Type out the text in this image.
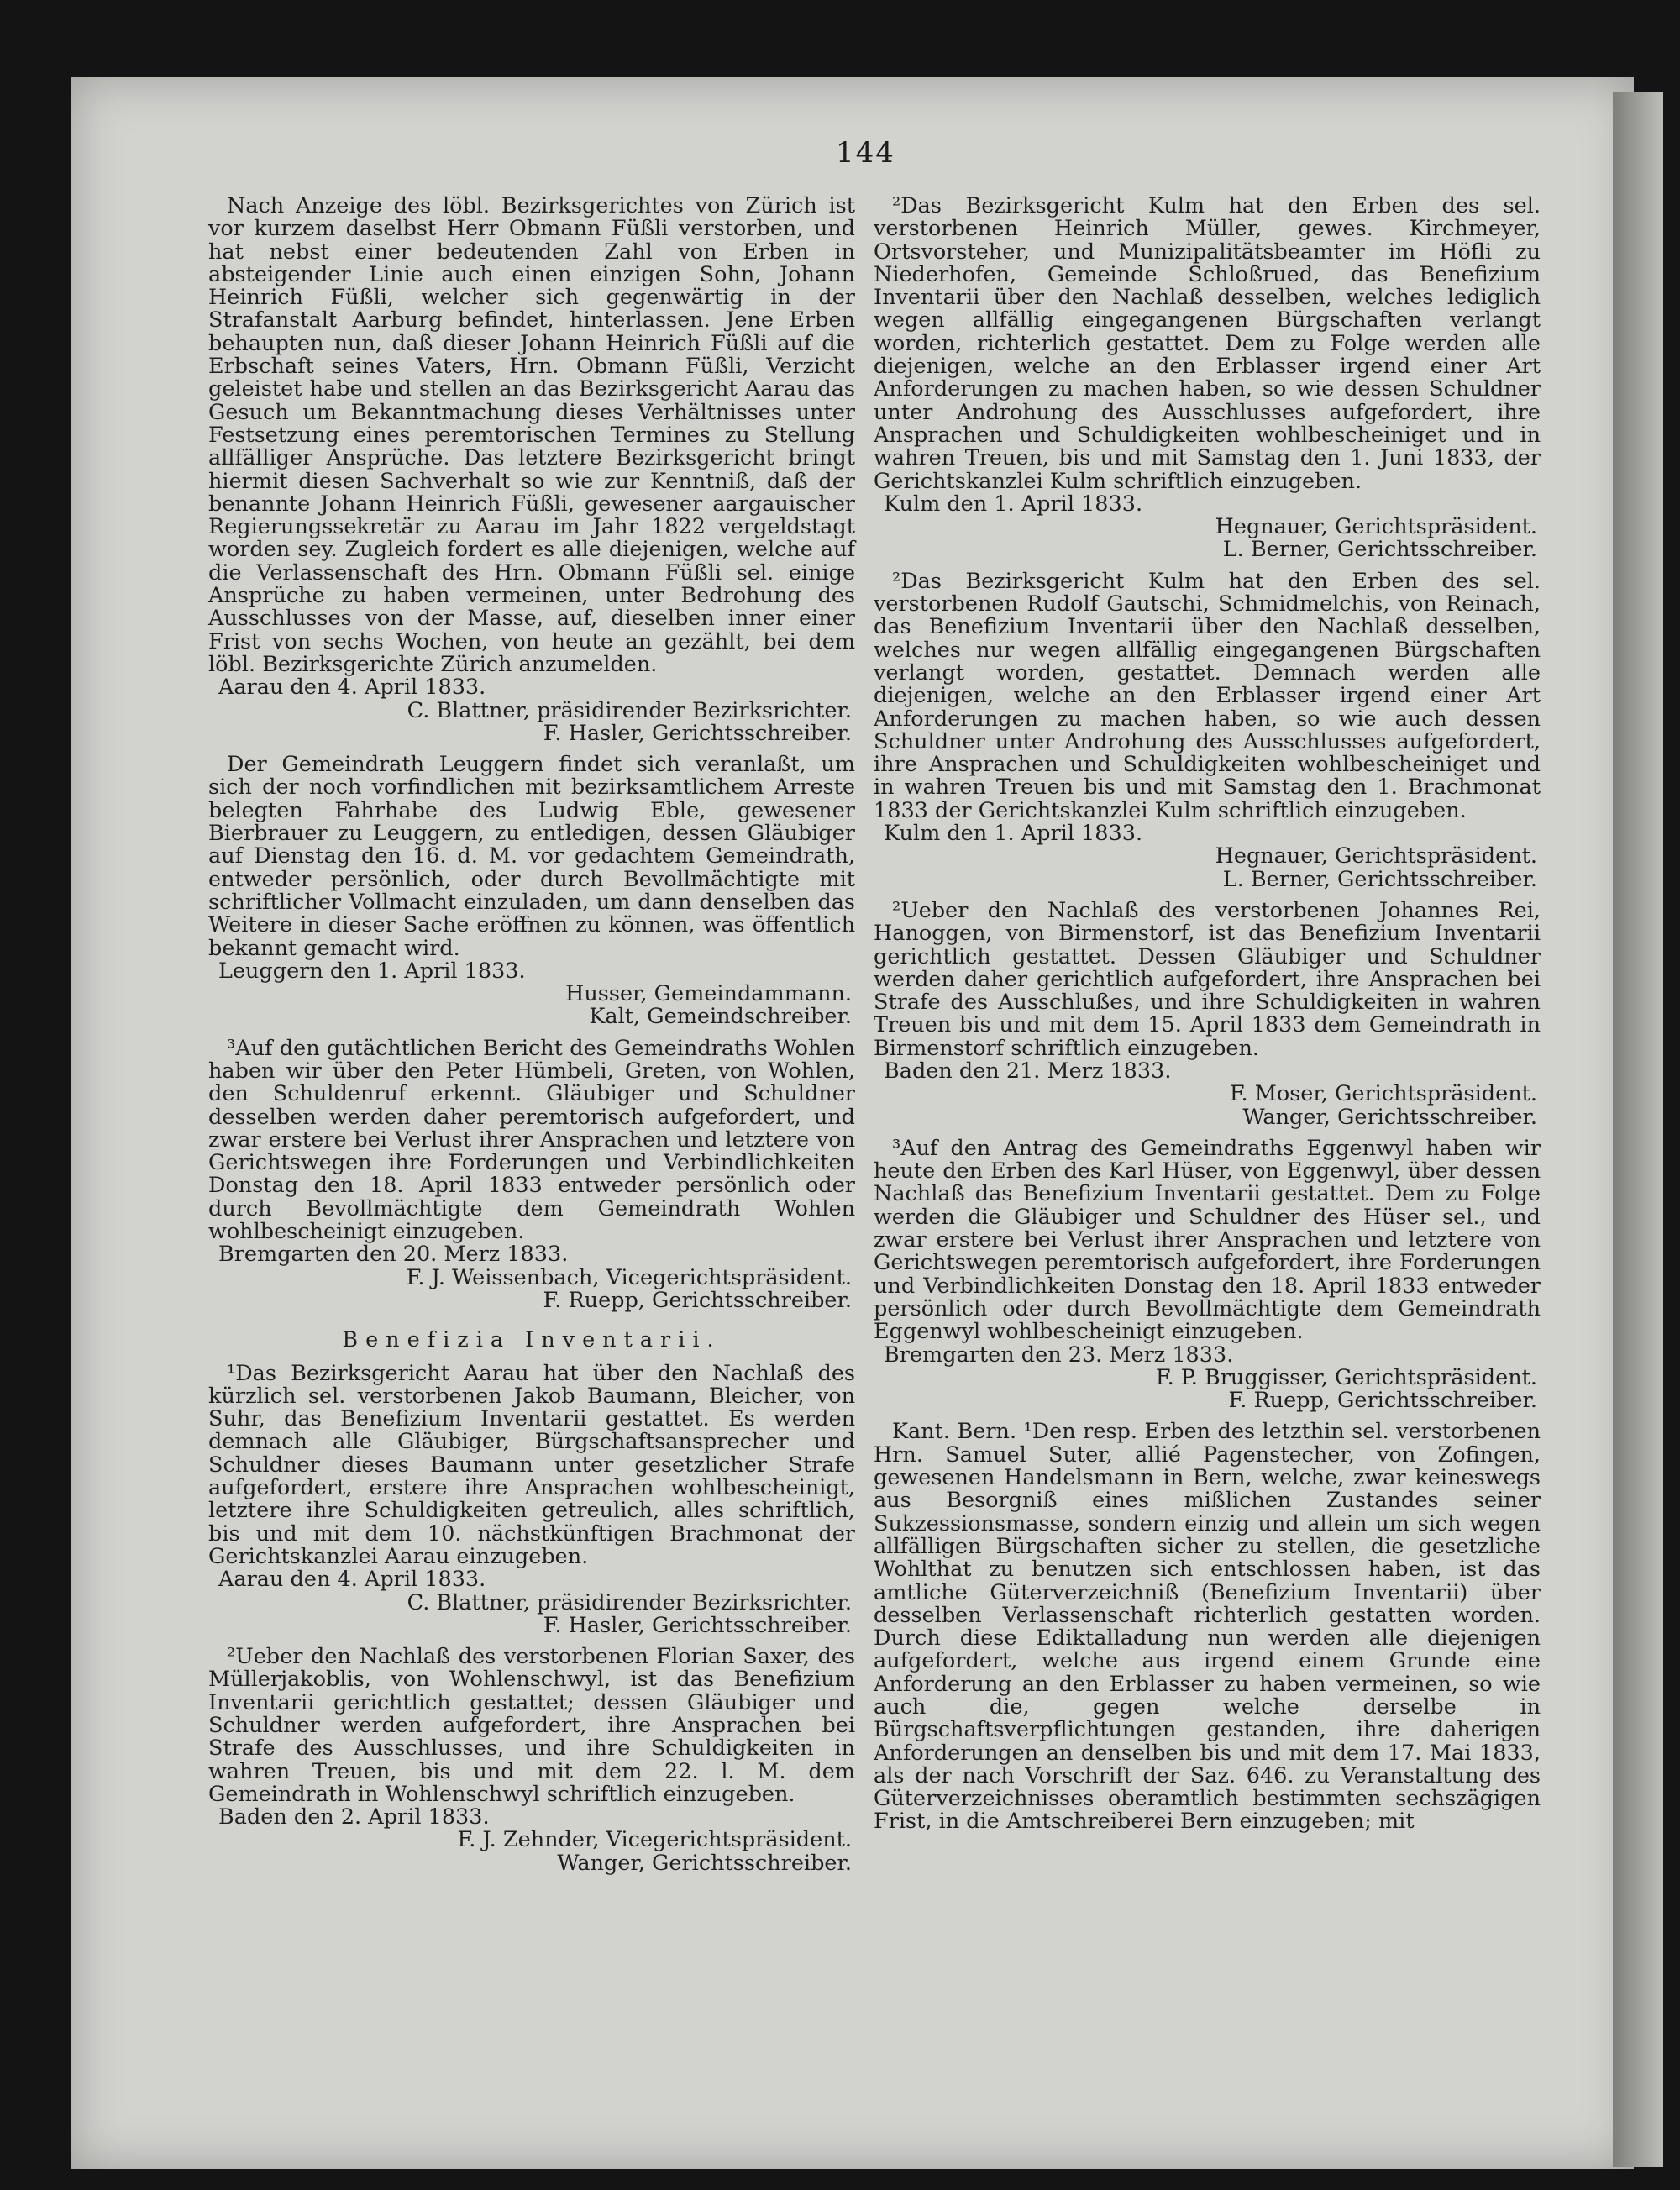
144

Nach Anzeige des löbl. Bezirksgerichtes von Zürich ist vor kurzem daselbst Herr Obmann Füßli verstorben, und hat nebst einer bedeutenden Zahl von Erben in absteigender Linie auch einen einzigen Sohn, Johann Heinrich Füßli, welcher sich gegenwärtig in der Strafanstalt Aarburg befindet, hinterlassen. Jene Erben behaupten nun, daß dieser Johann Heinrich Füßli auf die Erbschaft seines Vaters, Hrn. Obmann Füßli, Verzicht geleistet habe und stellen an das Bezirksgericht Aarau das Gesuch um Bekanntmachung dieses Verhältnisses unter Festsetzung eines peremtorischen Termines zu Stellung allfälliger Ansprüche. Das letztere Bezirksgericht bringt hiermit diesen Sachverhalt so wie zur Kenntniß, daß der benannte Johann Heinrich Füßli, gewesener aargauischer Regierungssekretär zu Aarau im Jahr 1822 vergeldstagt worden sey. Zugleich fordert es alle diejenigen, welche auf die Verlassenschaft des Hrn. Obmann Füßli sel. einige Ansprüche zu haben vermeinen, unter Bedrohung des Ausschlusses von der Masse, auf, dieselben inner einer Frist von sechs Wochen, von heute an gezählt, bei dem löbl. Bezirksgerichte Zürich anzumelden.

Aarau den 4. April 1833.
C. Blattner, präsidirender Bezirksrichter.
F. Hasler, Gerichtsschreiber.

Der Gemeindrath Leuggern findet sich veranlaßt, um sich der noch vorfindlichen mit bezirksamtlichem Arreste belegten Fahrhabe des Ludwig Eble, gewesener Bierbrauer zu Leuggern, zu entledigen, dessen Gläubiger auf Dienstag den 16. d. M. vor gedachtem Gemeindrath, entweder persönlich, oder durch Bevollmächtigte mit schriftlicher Vollmacht einzuladen, um dann denselben das Weitere in dieser Sache eröffnen zu können, was öffentlich bekannt gemacht wird.

Leuggern den 1. April 1833.
Husser, Gemeindammann.
Kalt, Gemeindschreiber.

³Auf den gutächtlichen Bericht des Gemeindraths Wohlen haben wir über den Peter Hümbeli, Greten, von Wohlen, den Schuldenruf erkennt. Gläubiger und Schuldner desselben werden daher peremtorisch aufgefordert, und zwar erstere bei Verlust ihrer Ansprachen und letztere von Gerichtswegen ihre Forderungen und Verbindlichkeiten Donstag den 18. April 1833 entweder persönlich oder durch Bevollmächtigte dem Gemeindrath Wohlen wohlbescheinigt einzugeben.

Bremgarten den 20. Merz 1833.
F. J. Weissenbach, Vicegerichtspräsident.
F. Ruepp, Gerichtsschreiber.
Benefizia Inventarii.

¹Das Bezirksgericht Aarau hat über den Nachlaß des kürzlich sel. verstorbenen Jakob Baumann, Bleicher, von Suhr, das Benefizium Inventarii gestattet. Es werden demnach alle Gläubiger, Bürgschaftsansprecher und Schuldner dieses Baumann unter gesetzlicher Strafe aufgefordert, erstere ihre Ansprachen wohlbescheinigt, letztere ihre Schuldigkeiten getreulich, alles schriftlich, bis und mit dem 10. nächstkünftigen Brachmonat der Gerichtskanzlei Aarau einzugeben.

Aarau den 4. April 1833.
C. Blattner, präsidirender Bezirksrichter.
F. Hasler, Gerichtsschreiber.

²Ueber den Nachlaß des verstorbenen Florian Saxer, des Müllerjakoblis, von Wohlenschwyl, ist das Benefizium Inventarii gerichtlich gestattet; dessen Gläubiger und Schuldner werden aufgefordert, ihre Ansprachen bei Strafe des Ausschlusses, und ihre Schuldigkeiten in wahren Treuen, bis und mit dem 22. l. M. dem Gemeindrath in Wohlenschwyl schriftlich einzugeben.

Baden den 2. April 1833.
F. J. Zehnder, Vicegerichtspräsident.
Wanger, Gerichtsschreiber.

²Das Bezirksgericht Kulm hat den Erben des sel. verstorbenen Heinrich Müller, gewes. Kirchmeyer, Ortsvorsteher, und Munizipalitätsbeamter im Höfli zu Niederhofen, Gemeinde Schloßrued, das Benefizium Inventarii über den Nachlaß desselben, welches lediglich wegen allfällig eingegangenen Bürgschaften verlangt worden, richterlich gestattet. Dem zu Folge werden alle diejenigen, welche an den Erblasser irgend einer Art Anforderungen zu machen haben, so wie dessen Schuldner unter Androhung des Ausschlusses aufgefordert, ihre Ansprachen und Schuldigkeiten wohlbescheiniget und in wahren Treuen, bis und mit Samstag den 1. Juni 1833, der Gerichtskanzlei Kulm schriftlich einzugeben.

Kulm den 1. April 1833.
Hegnauer, Gerichtspräsident.
L. Berner, Gerichtsschreiber.

²Das Bezirksgericht Kulm hat den Erben des sel. verstorbenen Rudolf Gautschi, Schmidmelchis, von Reinach, das Benefizium Inventarii über den Nachlaß desselben, welches nur wegen allfällig eingegangenen Bürgschaften verlangt worden, gestattet. Demnach werden alle diejenigen, welche an den Erblasser irgend einer Art Anforderungen zu machen haben, so wie auch dessen Schuldner unter Androhung des Ausschlusses aufgefordert, ihre Ansprachen und Schuldigkeiten wohlbescheiniget und in wahren Treuen bis und mit Samstag den 1. Brachmonat 1833 der Gerichtskanzlei Kulm schriftlich einzugeben.

Kulm den 1. April 1833.
Hegnauer, Gerichtspräsident.
L. Berner, Gerichtsschreiber.

²Ueber den Nachlaß des verstorbenen Johannes Rei, Hanoggen, von Birmenstorf, ist das Benefizium Inventarii gerichtlich gestattet. Dessen Gläubiger und Schuldner werden daher gerichtlich aufgefordert, ihre Ansprachen bei Strafe des Ausschlußes, und ihre Schuldigkeiten in wahren Treuen bis und mit dem 15. April 1833 dem Gemeindrath in Birmenstorf schriftlich einzugeben.

Baden den 21. Merz 1833.
F. Moser, Gerichtspräsident.
Wanger, Gerichtsschreiber.

³Auf den Antrag des Gemeindraths Eggenwyl haben wir heute den Erben des Karl Hüser, von Eggenwyl, über dessen Nachlaß das Benefizium Inventarii gestattet. Dem zu Folge werden die Gläubiger und Schuldner des Hüser sel., und zwar erstere bei Verlust ihrer Ansprachen und letztere von Gerichtswegen peremtorisch aufgefordert, ihre Forderungen und Verbindlichkeiten Donstag den 18. April 1833 entweder persönlich oder durch Bevollmächtigte dem Gemeindrath Eggenwyl wohlbescheinigt einzugeben.

Bremgarten den 23. Merz 1833.
F. P. Bruggisser, Gerichtspräsident.
F. Ruepp, Gerichtsschreiber.

Kant. Bern. ¹Den resp. Erben des letzthin sel. verstorbenen Hrn. Samuel Suter, allié Pagenstecher, von Zofingen, gewesenen Handelsmann in Bern, welche, zwar keineswegs aus Besorgniß eines mißlichen Zustandes seiner Sukzessionsmasse, sondern einzig und allein um sich wegen allfälligen Bürgschaften sicher zu stellen, die gesetzliche Wohlthat zu benutzen sich entschlossen haben, ist das amtliche Güterverzeichniß (Benefizium Inventarii) über desselben Verlassenschaft richterlich gestatten worden. Durch diese Ediktalladung nun werden alle diejenigen aufgefordert, welche aus irgend einem Grunde eine Anforderung an den Erblasser zu haben vermeinen, so wie auch die, gegen welche derselbe in Bürgschaftsverpflichtungen gestanden, ihre daherigen Anforderungen an denselben bis und mit dem 17. Mai 1833, als der nach Vorschrift der Saz. 646. zu Veranstaltung des Güterverzeichnisses oberamtlich bestimmten sechszägigen Frist, in die Amtschreiberei Bern einzugeben; mit
